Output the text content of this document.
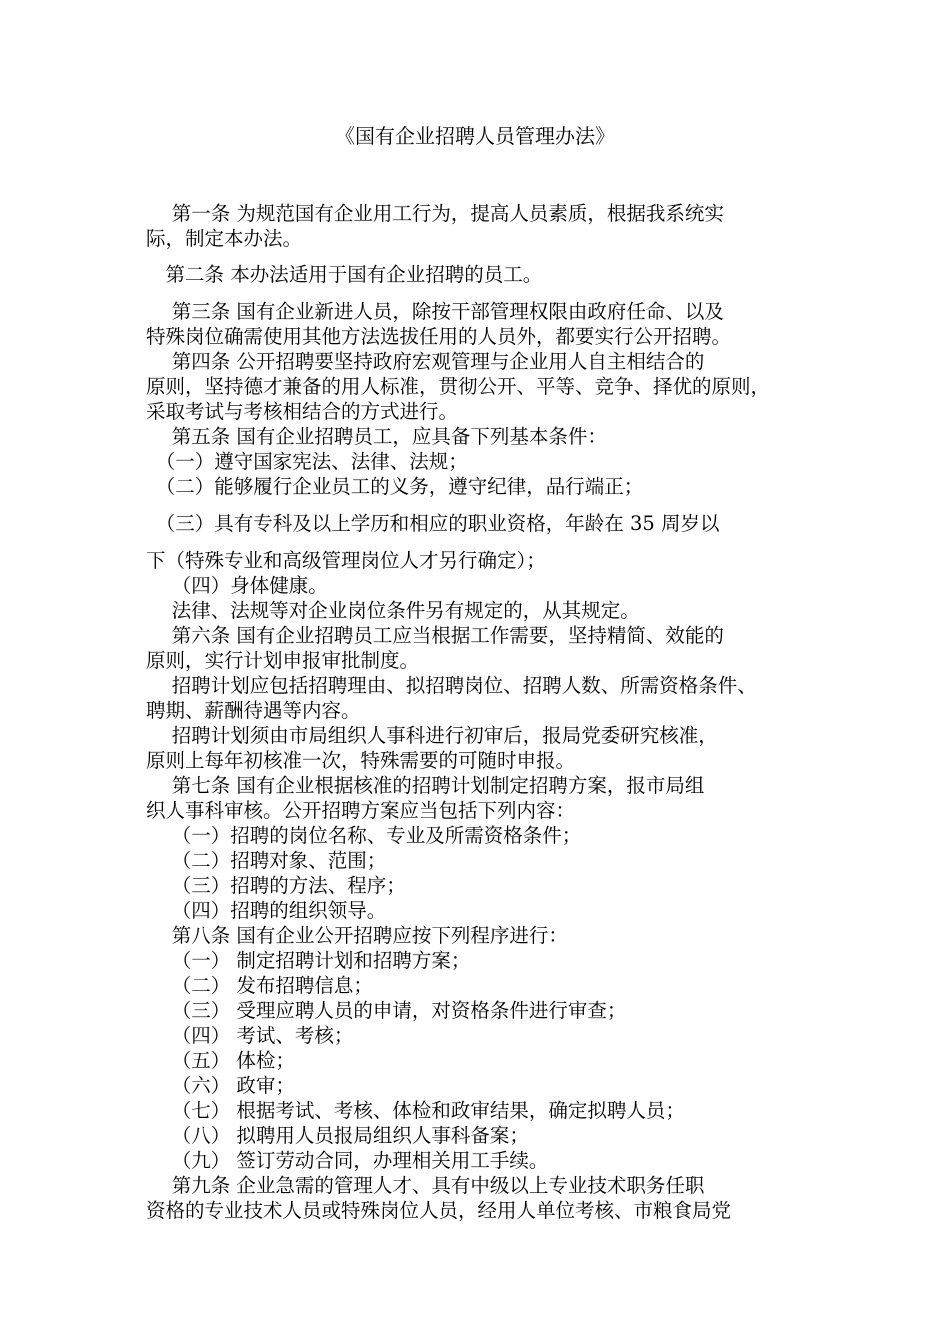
《国有企业招聘人员管理办法》
　 第一条 为规范国有企业用工行为，提高人员素质，根据我系统实
际，制定本办法。
　第二条 本办法适用于国有企业招聘的员工。
　 第三条 国有企业新进人员，除按干部管理权限由政府任命、以及
特殊岗位确需使用其他方法选拔任用的人员外，都要实行公开招聘。
　 第四条 公开招聘要坚持政府宏观管理与企业用人自主相结合的
原则，坚持德才兼备的用人标准，贯彻公开、平等、竞争、择优的原则，
采取考试与考核相结合的方式进行。
　 第五条 国有企业招聘员工，应具备下列基本条件：
　（一）遵守国家宪法、法律、法规；
　（二）能够履行企业员工的义务，遵守纪律，品行端正；
　（三）具有专科及以上学历和相应的职业资格，年龄在 35 周岁以
下（特殊专业和高级管理岗位人才另行确定）；
　 （四）身体健康。
　 法律、法规等对企业岗位条件另有规定的，从其规定。
　 第六条 国有企业招聘员工应当根据工作需要，坚持精简、效能的
原则，实行计划申报审批制度。
　 招聘计划应包括招聘理由、拟招聘岗位、招聘人数、所需资格条件、
聘期、薪酬待遇等内容。
　 招聘计划须由市局组织人事科进行初审后，报局党委研究核准，
原则上每年初核准一次，特殊需要的可随时申报。
　 第七条 国有企业根据核准的招聘计划制定招聘方案，报市局组
织人事科审核。公开招聘方案应当包括下列内容：
　 （一）招聘的岗位名称、专业及所需资格条件；
　 （二）招聘对象、范围；
　 （三）招聘的方法、程序；
　 （四）招聘的组织领导。
　 第八条 国有企业公开招聘应按下列程序进行：
　 （一） 制定招聘计划和招聘方案；
　 （二） 发布招聘信息；
　 （三） 受理应聘人员的申请，对资格条件进行审查；
　 （四） 考试、考核；
　 （五） 体检；
　 （六） 政审；
　 （七） 根据考试、考核、体检和政审结果，确定拟聘人员；
　 （八） 拟聘用人员报局组织人事科备案；
　 （九） 签订劳动合同，办理相关用工手续。
　 第九条 企业急需的管理人才、具有中级以上专业技术职务任职
资格的专业技术人员或特殊岗位人员，经用人单位考核、市粮食局党
